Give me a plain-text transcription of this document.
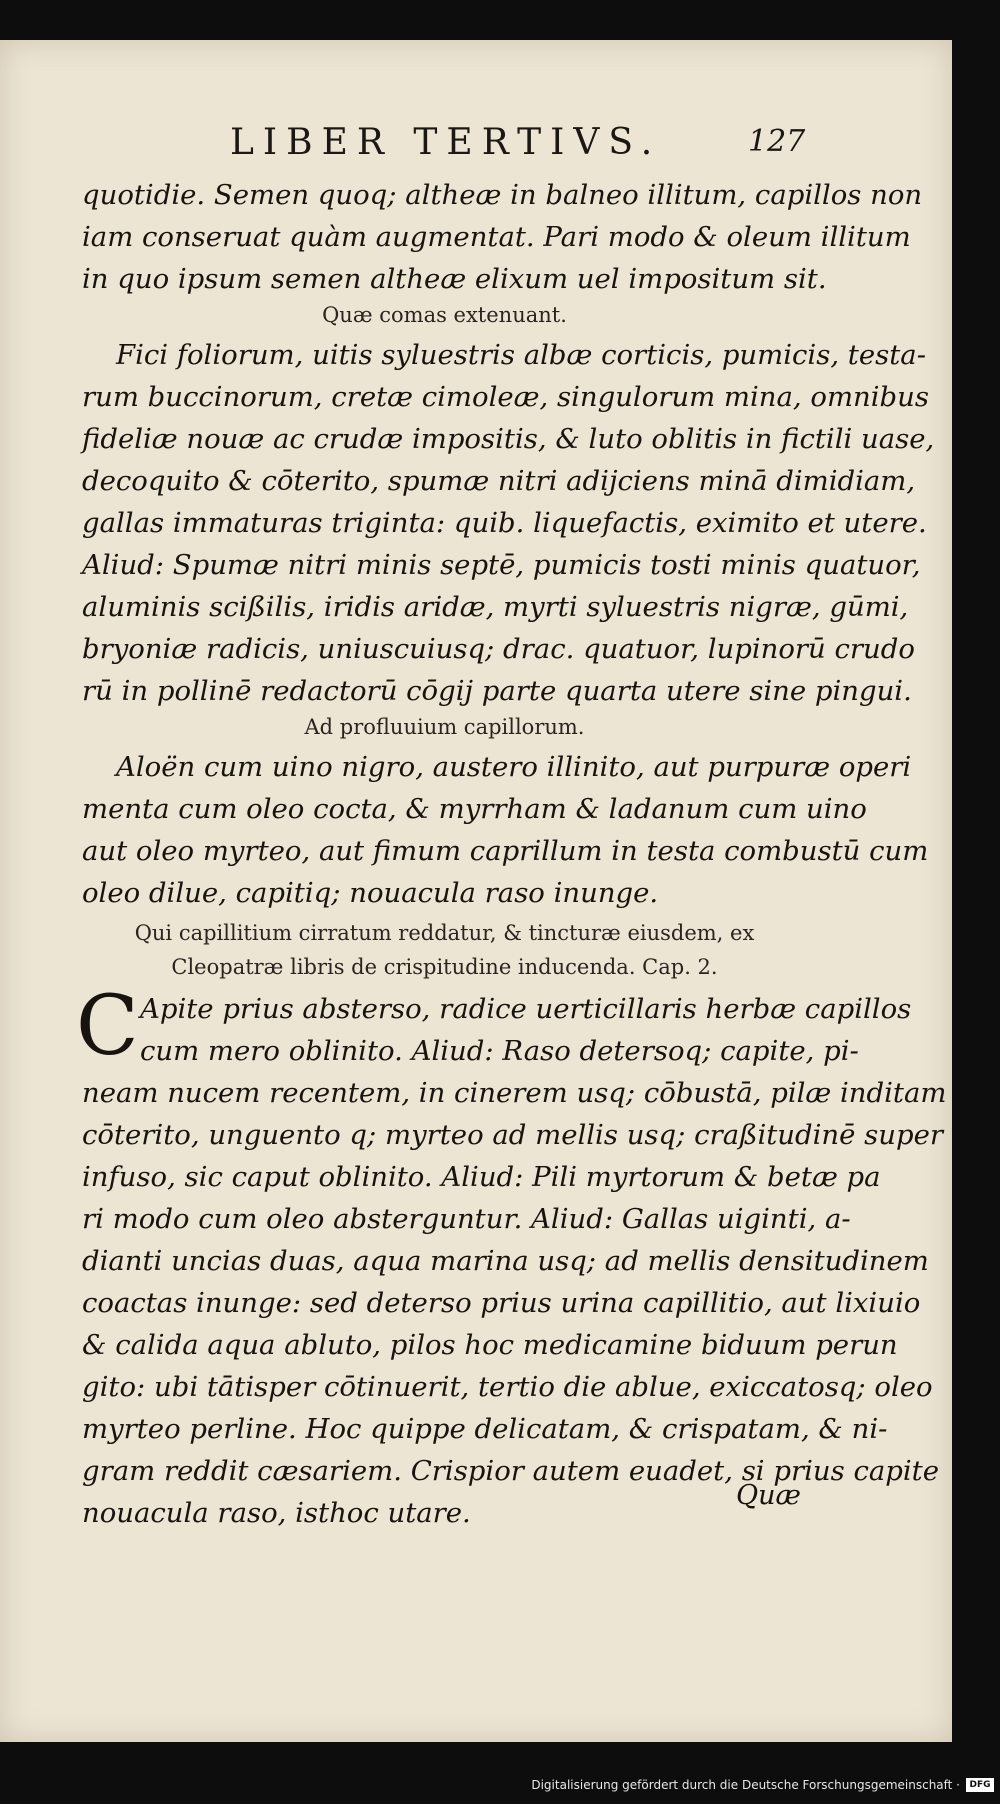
LIBER TERTIVS.	127
quotidie. Semen quoq; altheæ in balneo illitum, capillos non
iam conseruat quàm augmentat. Pari modo & oleum illitum
in quo ipsum semen altheæ elixum uel impositum sit.
Quæ comas extenuant.
Fici foliorum, uitis syluestris albæ corticis, pumicis, testa-
rum buccinorum, cretæ cimoleæ, singulorum mina, omnibus
fideliæ nouæ ac crudæ impositis, & luto oblitis in fictili uase,
decoquito & cōterito, spumæ nitri adijciens minā dimidiam,
gallas immaturas triginta: quib. liquefactis, eximito et utere.
Aliud: Spumæ nitri minis septē, pumicis tosti minis quatuor,
aluminis scißilis, iridis aridæ, myrti syluestris nigræ, gūmi,
bryoniæ radicis, uniuscuiusq; drac. quatuor, lupinorū crudo
rū in pollinē redactorū cōgij parte quarta utere sine pingui.
Ad profluuium capillorum.
Aloën cum uino nigro, austero illinito, aut purpuræ operi
menta cum oleo cocta, & myrrham & ladanum cum uino
aut oleo myrteo, aut fimum caprillum in testa combustū cum
oleo dilue, capitiq; nouacula raso inunge.
Qui capillitium cirratum reddatur, & tincturæ eiusdem, ex
Cleopatræ libris de crispitudine inducenda. Cap. 2.
C Apite prius absterso, radice uerticillaris herbæ capillos
cum mero oblinito. Aliud: Raso detersoq; capite, pi-
neam nucem recentem, in cinerem usq; cōbustā, pilæ inditam
cōterito, unguento q; myrteo ad mellis usq; craßitudinē super
infuso, sic caput oblinito. Aliud: Pili myrtorum & betæ pa
ri modo cum oleo absterguntur. Aliud: Gallas uiginti, a-
dianti uncias duas, aqua marina usq; ad mellis densitudinem
coactas inunge: sed deterso prius urina capillitio, aut lixiuio
& calida aqua abluto, pilos hoc medicamine biduum perun
gito: ubi tātisper cōtinuerit, tertio die ablue, exiccatosq; oleo
myrteo perline. Hoc quippe delicatam, & crispatam, & ni-
gram reddit cæsariem. Crispior autem euadet, si prius capite
nouacula raso, isthoc utare.
Quæ
Digitalisierung gefördert durch die Deutsche Forschungsgemeinschaft ·	DFG
